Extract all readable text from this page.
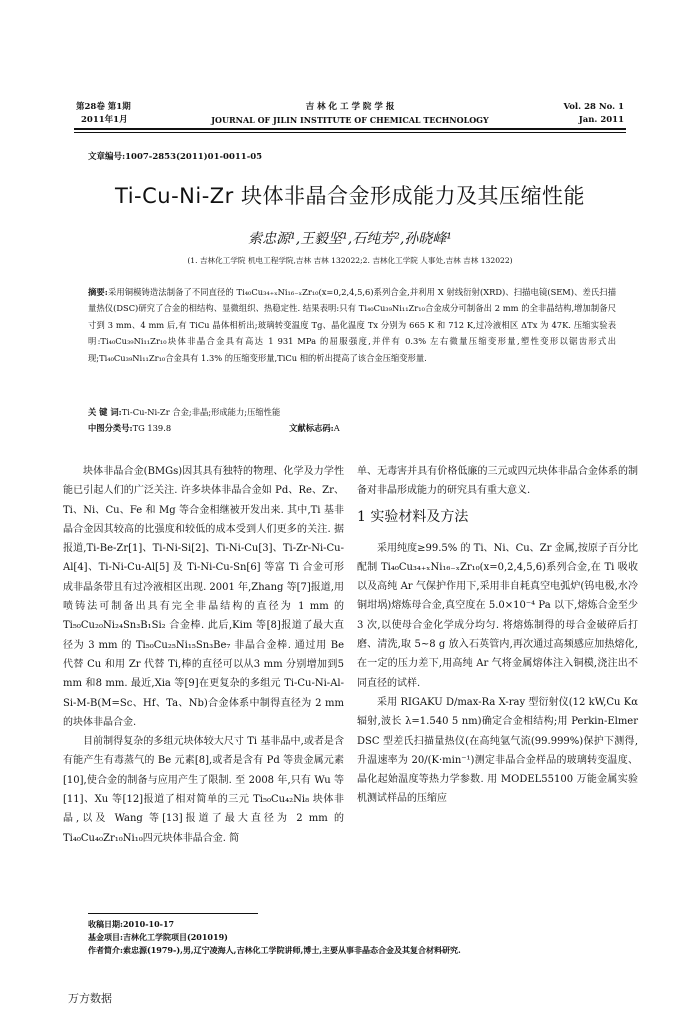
第28卷 第1期
2011年1月
吉 林 化 工 学 院 学 报
JOURNAL OF JILIN INSTITUTE OF CHEMICAL TECHNOLOGY
Vol. 28 No. 1
Jan. 2011
文章编号:1007-2853(2011)01-0011-05
Ti-Cu-Ni-Zr 块体非晶合金形成能力及其压缩性能
索忠源¹,王毅坚¹,石纯芳²,孙晓峰¹
(1. 吉林化工学院 机电工程学院,吉林 吉林 132022;2. 吉林化工学院 人事处,吉林 吉林 132022)
摘要:采用铜模铸造法制备了不同直径的 Ti₄₀Cu₃₄₊ₓNi₁₆₋ₓZr₁₀(x=0,2,4,5,6)系列合金,并利用 X 射线衍射(XRD)、扫描电镜(SEM)、差氏扫描量热仪(DSC)研究了合金的相结构、显微组织、热稳定性. 结果表明:只有 Ti₄₀Cu₃₉Ni₁₁Zr₁₀合金成分可制备出 2 mm 的全非晶结构,增加制备尺寸到 3 mm、4 mm 后,有 TiCu 晶体相析出;玻璃转变温度 Tg、晶化温度 Tx 分别为 665 K 和 712 K,过冷液相区 ΔTx 为 47K. 压缩实验表明:Ti₄₀Cu₃₉Ni₁₁Zr₁₀块体非晶合金具有高达 1 931 MPa 的屈服强度,并伴有 0.3% 左右微量压缩变形量,塑性变形以锯齿形式出现;Ti₄₀Cu₃₉Ni₁₁Zr₁₀合金具有 1.3% 的压缩变形量,TiCu 相的析出提高了该合金压缩变形量.
关 键 词:Ti-Cu-Ni-Zr 合金;非晶;形成能力;压缩性能
中图分类号:TG 139.8	文献标志码:A

块体非晶合金(BMGs)因其具有独特的物理、化学及力学性能已引起人们的广泛关注. 许多块体非晶合金如 Pd、Re、Zr、Ti、Ni、Cu、Fe 和 Mg 等合金相继被开发出来. 其中,Ti 基非晶合金因其较高的比强度和较低的成本受到人们更多的关注. 据报道,Ti-Be-Zr[1]、Ti-Ni-Si[2]、Ti-Ni-Cu[3]、Ti-Zr-Ni-Cu-Al[4]、Ti-Ni-Cu-Al[5] 及 Ti-Ni-Cu-Sn[6] 等富 Ti 合金可形成非晶条带且有过冷液相区出现. 2001 年,Zhang 等[7]报道,用喷铸法可制备出具有完全非晶结构的直径为 1 mm 的 Ti₅₀Cu₂₀Ni₂₄Sn₃B₁Si₂ 合金棒. 此后,Kim 等[8]报道了最大直径为 3 mm 的 Ti₅₀Cu₂₅Ni₁₅Sn₃Be₇ 非晶合金棒. 通过用 Be 代替 Cu 和用 Zr 代替 Ti,棒的直径可以从3 mm 分别增加到5 mm 和8 mm. 最近,Xia 等[9]在更复杂的多组元 Ti-Cu-Ni-Al-Si-M-B(M=Sc、Hf、Ta、Nb)合金体系中制得直径为 2 mm 的块体非晶合金.

目前制得复杂的多组元块体较大尺寸 Ti 基非晶中,或者是含有能产生有毒蒸气的 Be 元素[8],或者是含有 Pd 等贵金属元素[10],使合金的制备与应用产生了限制. 至 2008 年,只有 Wu 等[11]、Xu 等[12]报道了相对简单的三元 Ti₅₀Cu₄₂Ni₈ 块体非晶,以及 Wang 等[13]报道了最大直径为 2 mm 的 Ti₄₀Cu₄₀Zr₁₀Ni₁₀四元块体非晶合金. 简

单、无毒害并具有价格低廉的三元或四元块体非晶合金体系的制备对非晶形成能力的研究具有重大意义.

1 实验材料及方法

采用纯度≥99.5% 的 Ti、Ni、Cu、Zr 金属,按原子百分比配制 Ti₄₀Cu₃₄₊ₓNi₁₆₋ₓZr₁₀(x=0,2,4,5,6)系列合金,在 Ti 吸收以及高纯 Ar 气保护作用下,采用非自耗真空电弧炉(钨电极,水冷铜坩埚)熔炼母合金,真空度在 5.0×10⁻⁴ Pa 以下,熔炼合金至少 3 次,以使母合金化学成分均匀. 将熔炼制得的母合金破碎后打磨、清洗,取 5~8 g 放入石英管内,再次通过高频感应加热熔化,在一定的压力差下,用高纯 Ar 气将金属熔体注入铜模,浇注出不同直径的试样.

采用 RIGAKU D/max-Ra X-ray 型衍射仪(12 kW,Cu Kα 辐射,波长 λ=1.540 5 nm)确定合金相结构;用 Perkin-Elmer DSC 型差氏扫描量热仪(在高纯氩气流(99.999%)保护下测得,升温速率为 20/(K·min⁻¹)测定非晶合金样品的玻璃转变温度、晶化起始温度等热力学参数. 用 MODEL55100 万能金属实验机测试样品的压缩应

收稿日期:2010-10-17
基金项目:吉林化工学院项目(201019)
作者简介:索忠源(1979-),男,辽宁凌海人,吉林化工学院讲师,博士,主要从事非晶态合金及其复合材料研究.
万方数据
